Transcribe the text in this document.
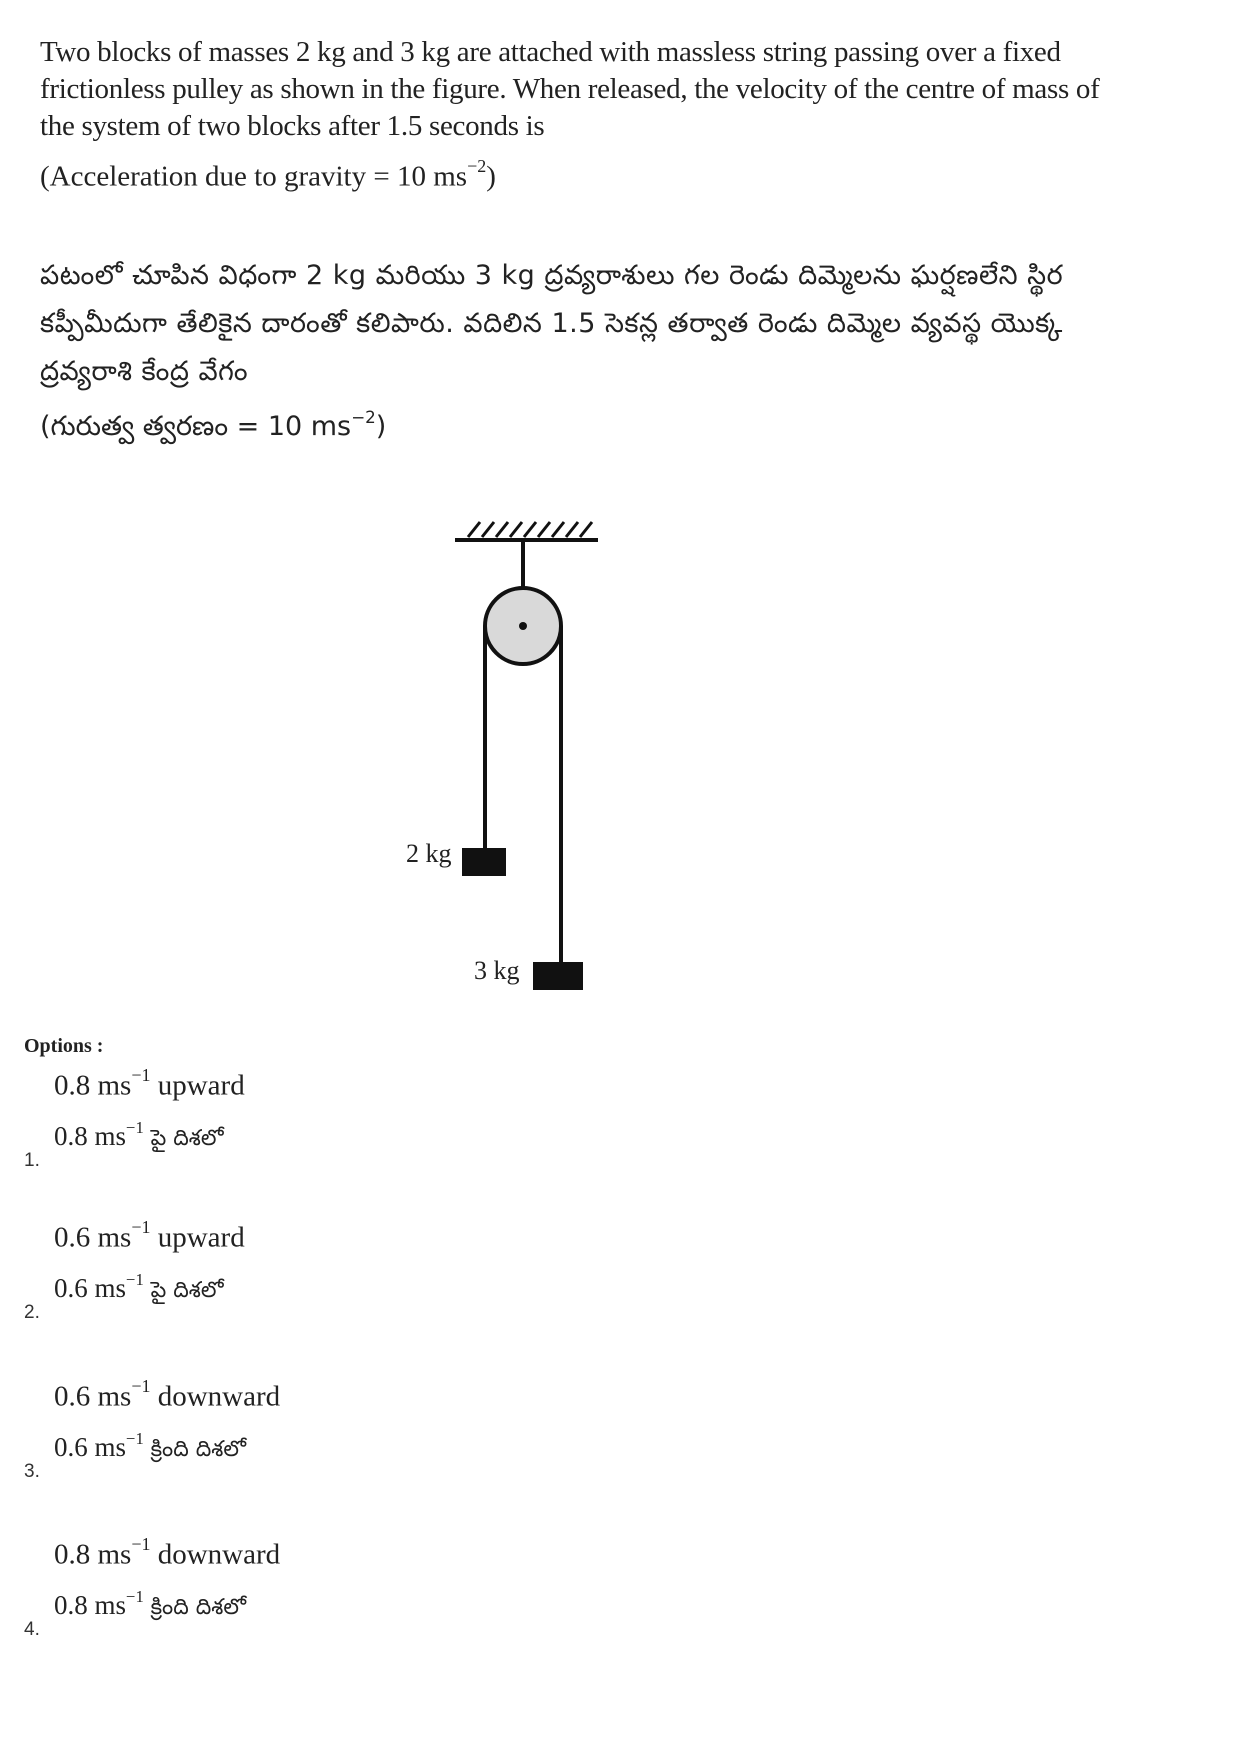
Two blocks of masses 2 kg and 3 kg are attached with massless string passing over a fixed
frictionless pulley as shown in the figure. When released, the velocity of the centre of mass of
the system of two blocks after 1.5 seconds is
(Acceleration due to gravity = 10 $ms^{-2}$)
పటంలో చూపిన విధంగా 2 kg మరియు 3 kg ద్రవ్యరాశులు గల రెండు దిమ్మెలను ఘర్షణలేని స్థిర
కప్పీమీదుగా తేలికైన దారంతో కలిపారు. వదిలిన 1.5 సెకన్ల తర్వాత రెండు దిమ్మెల వ్యవస్థ యొక్క
ద్రవ్యరాశి కేంద్ర వేగం
(గురుత్వ త్వరణం = 10 $ms^{-2}$)
2 kg
3 kg
Options :
0.8 $ms^{-1}$ upward
0.8 $ms^{-1}$ పై దిశలో
1.
0.6 $ms^{-1}$ upward
0.6 $ms^{-1}$ పై దిశలో
2.
0.6 $ms^{-1}$ downward
0.6 $ms^{-1}$ క్రింది దిశలో
3.
0.8 $ms^{-1}$ downward
0.8 $ms^{-1}$ క్రింది దిశలో
4.
